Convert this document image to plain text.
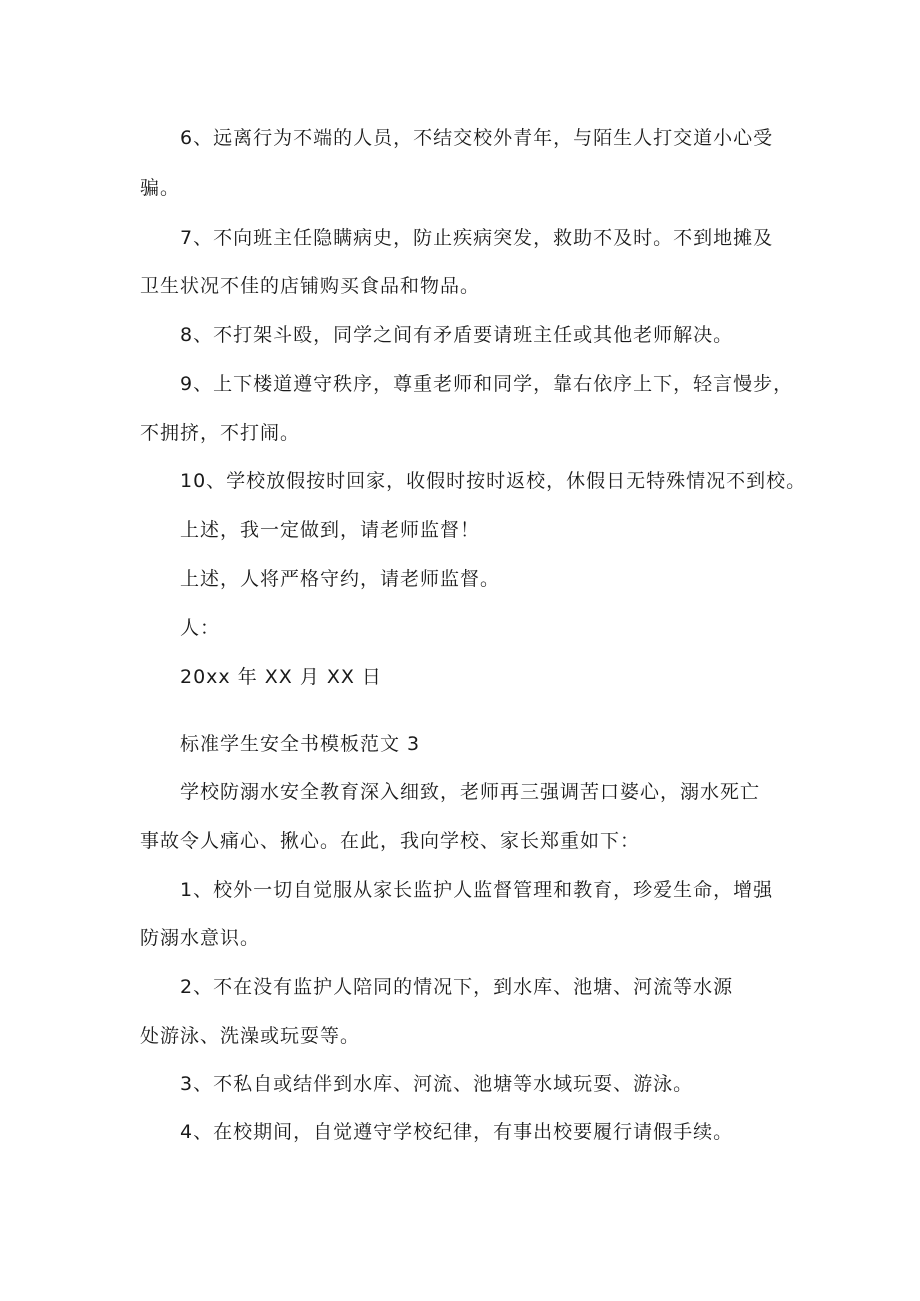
6、远离行为不端的人员，不结交校外青年，与陌生人打交道小心受
骗。
7、不向班主任隐瞒病史，防止疾病突发，救助不及时。不到地摊及
卫生状况不佳的店铺购买食品和物品。
8、不打架斗殴，同学之间有矛盾要请班主任或其他老师解决。
9、上下楼道遵守秩序，尊重老师和同学，靠右依序上下，轻言慢步，
不拥挤，不打闹。
10、学校放假按时回家，收假时按时返校，休假日无特殊情况不到校。
上述，我一定做到，请老师监督！
上述，人将严格守约，请老师监督。
人：
20xx 年 XX 月 XX 日
标准学生安全书模板范文 3
学校防溺水安全教育深入细致，老师再三强调苦口婆心，溺水死亡
事故令人痛心、揪心。在此，我向学校、家长郑重如下：
1、校外一切自觉服从家长监护人监督管理和教育，珍爱生命，增强
防溺水意识。
2、不在没有监护人陪同的情况下，到水库、池塘、河流等水源
处游泳、洗澡或玩耍等。
3、不私自或结伴到水库、河流、池塘等水域玩耍、游泳。
4、在校期间，自觉遵守学校纪律，有事出校要履行请假手续。
